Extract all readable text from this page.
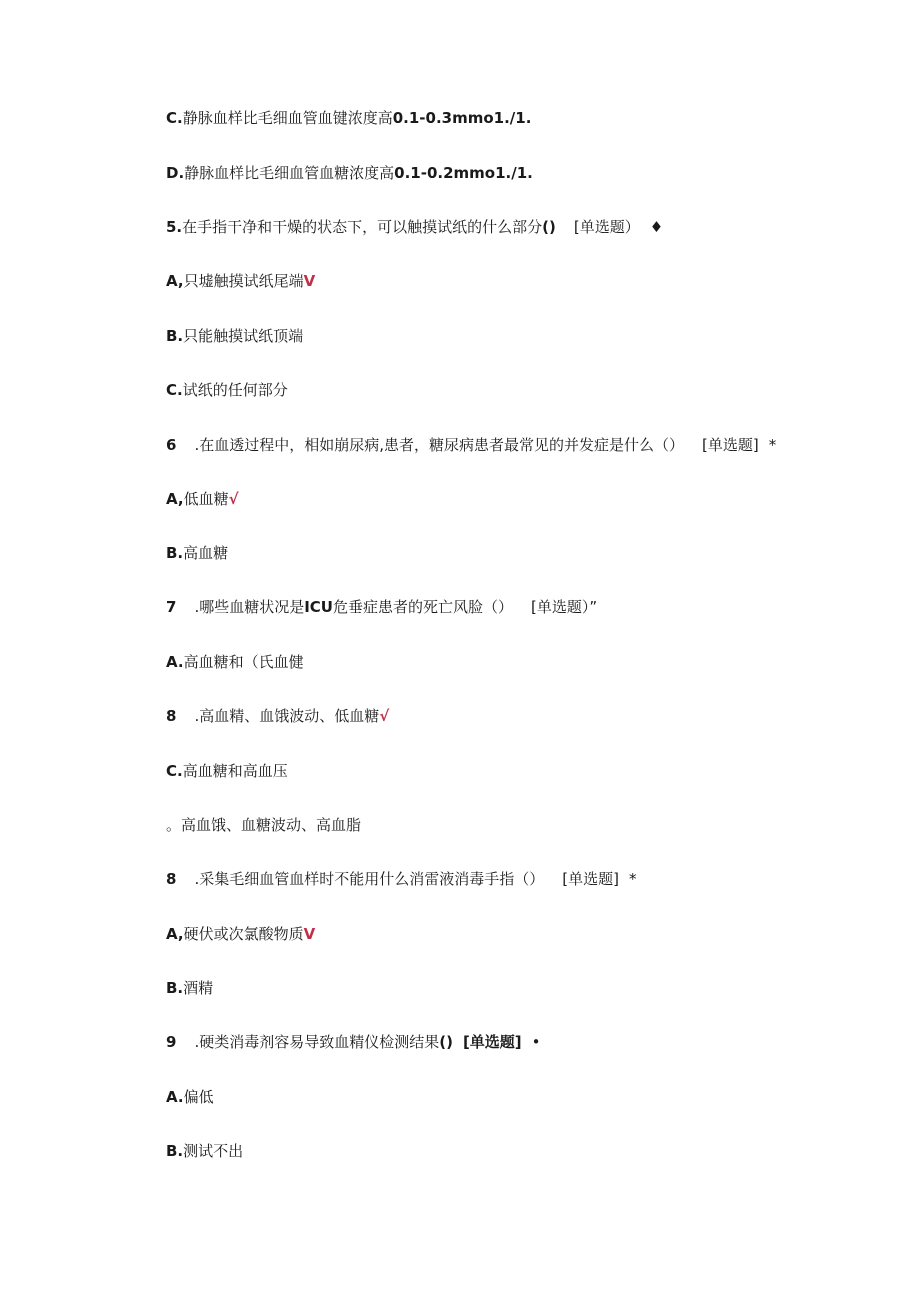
C.静脉血样比毛细血管血键浓度高0.1-0.3mmo1./1.
D.静脉血样比毛细血管血糖浓度高0.1-0.2mmo1./1.
5.在手指干净和干燥的状态下，可以触摸试纸的什么部分() [单选题） ♦
A,只墟触摸试纸尾端V
B.只能触摸试纸顶端
C.试纸的任何部分
6 .在血透过程中，相如崩尿病,患者，糖尿病患者最常见的并发症是什么（） [单选题] *
A,低血糖√
B.高血糖
7 .哪些血糖状况是ICU危垂症患者的死亡风脸（） [单选题）”
A.高血糖和（氏血健
8 .高血精、血饿波动、低血糖√
C.高血糖和高血压
。高血饿、血糖波动、高血脂
8 .采集毛细血管血样时不能用什么消雷液消毒手指（） [单选题] *
A,硬伏或次氯酸物质V
B.酒精
9 .硬类消毒剂容易导致血精仪检测结果() [单选题] •
A.偏低
B.测试不出
